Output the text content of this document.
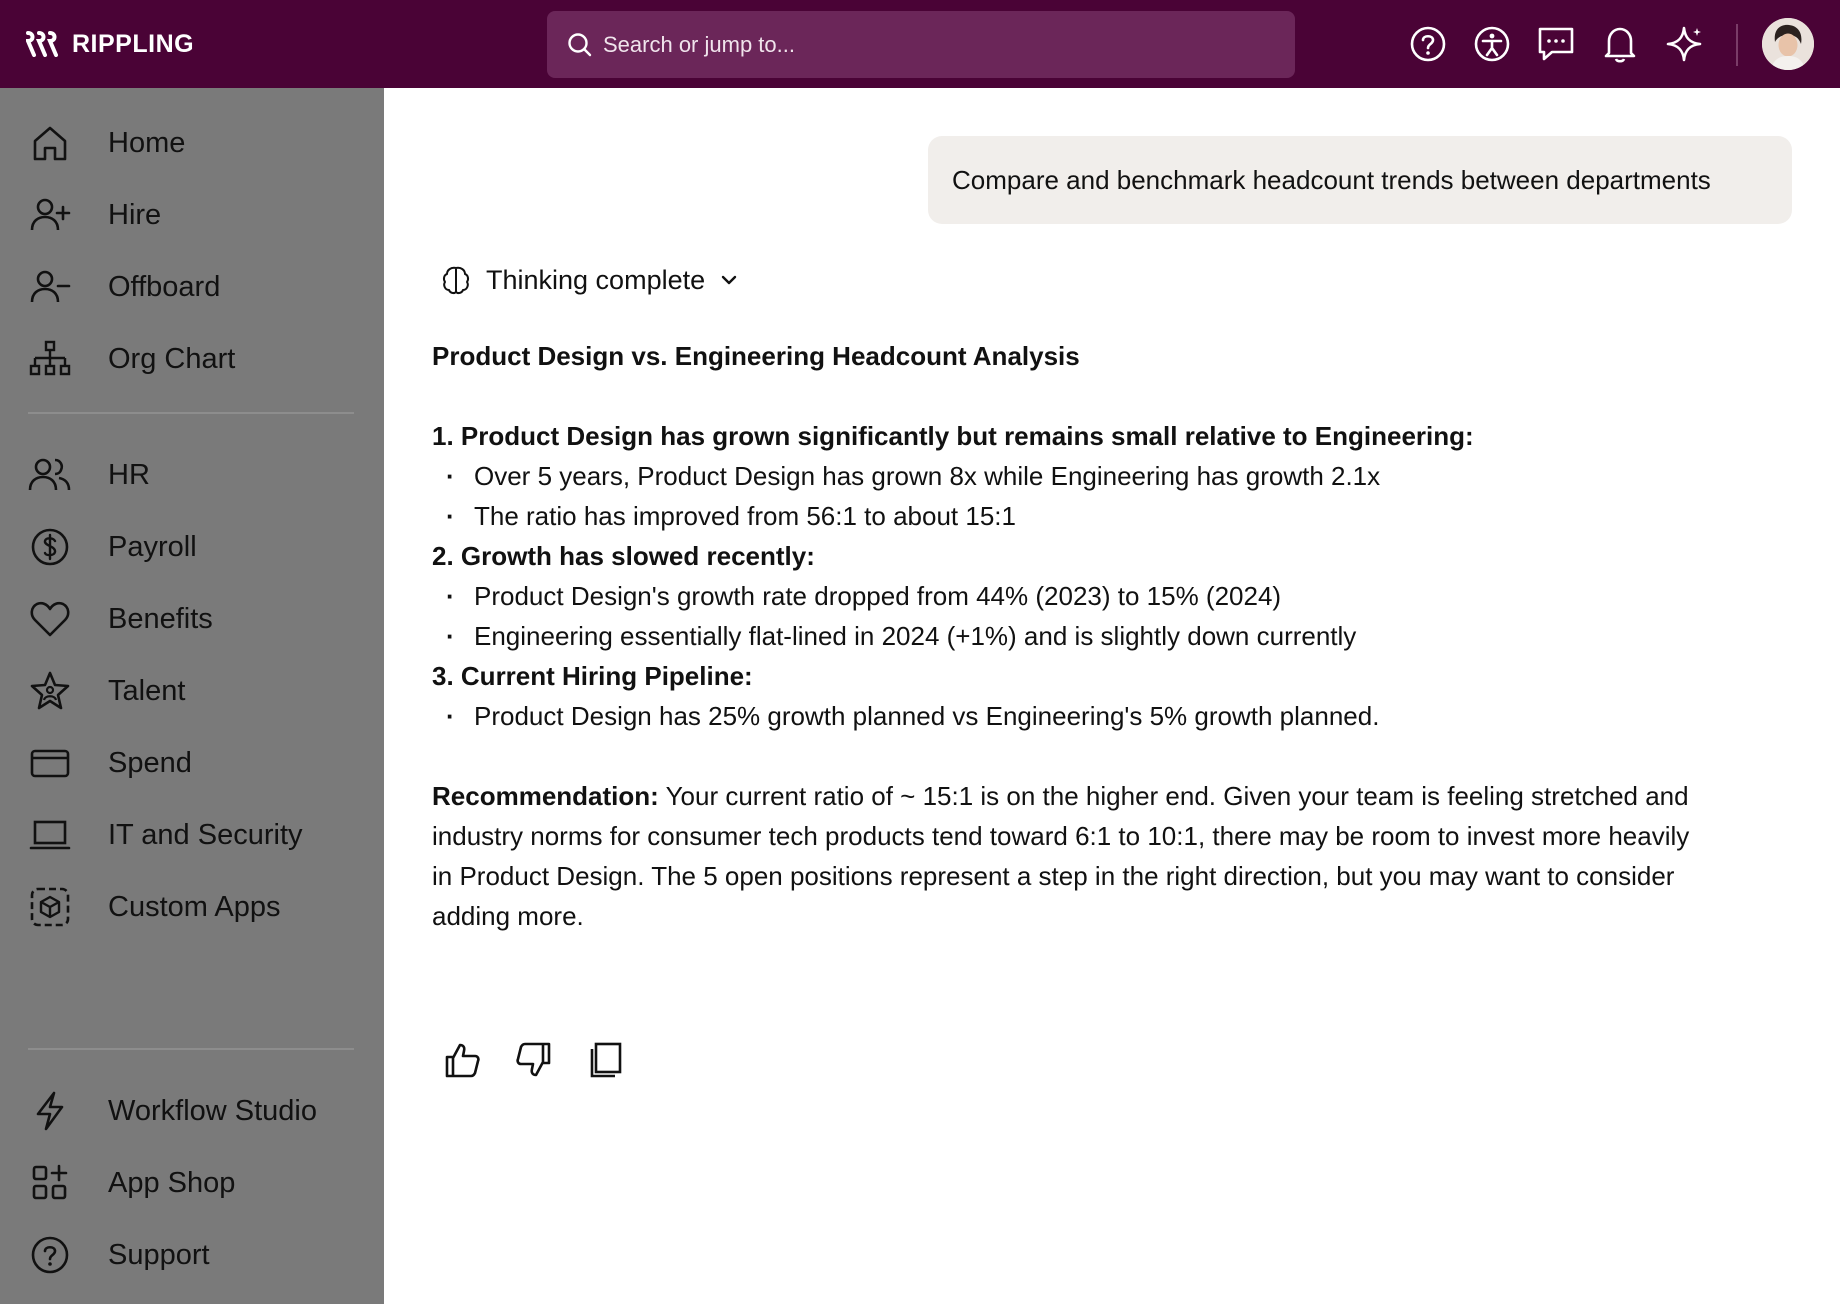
RIPPLING
Search or jump to...
Home
Hire
Offboard
Org Chart
HR
Payroll
Benefits
Talent
Spend
IT and Security
Custom Apps
Workflow Studio
App Shop
Support
Compare and benchmark headcount trends between departments
Thinking complete
Product Design vs. Engineering Headcount Analysis
1. Product Design has grown significantly but remains small relative to Engineering:
· Over 5 years, Product Design has grown 8x while Engineering has growth 2.1x
· The ratio has improved from 56:1 to about 15:1
2. Growth has slowed recently:
· Product Design's growth rate dropped from 44% (2023) to 15% (2024)
· Engineering essentially flat-lined in 2024 (+1%) and is slightly down currently
3. Current Hiring Pipeline:
· Product Design has 25% growth planned vs Engineering's 5% growth planned.
Recommendation: Your current ratio of ~ 15:1 is on the higher end. Given your team is feeling stretched and industry norms for consumer tech products tend toward 6:1 to 10:1, there may be room to invest more heavily in Product Design. The 5 open positions represent a step in the right direction, but you may want to consider adding more.
